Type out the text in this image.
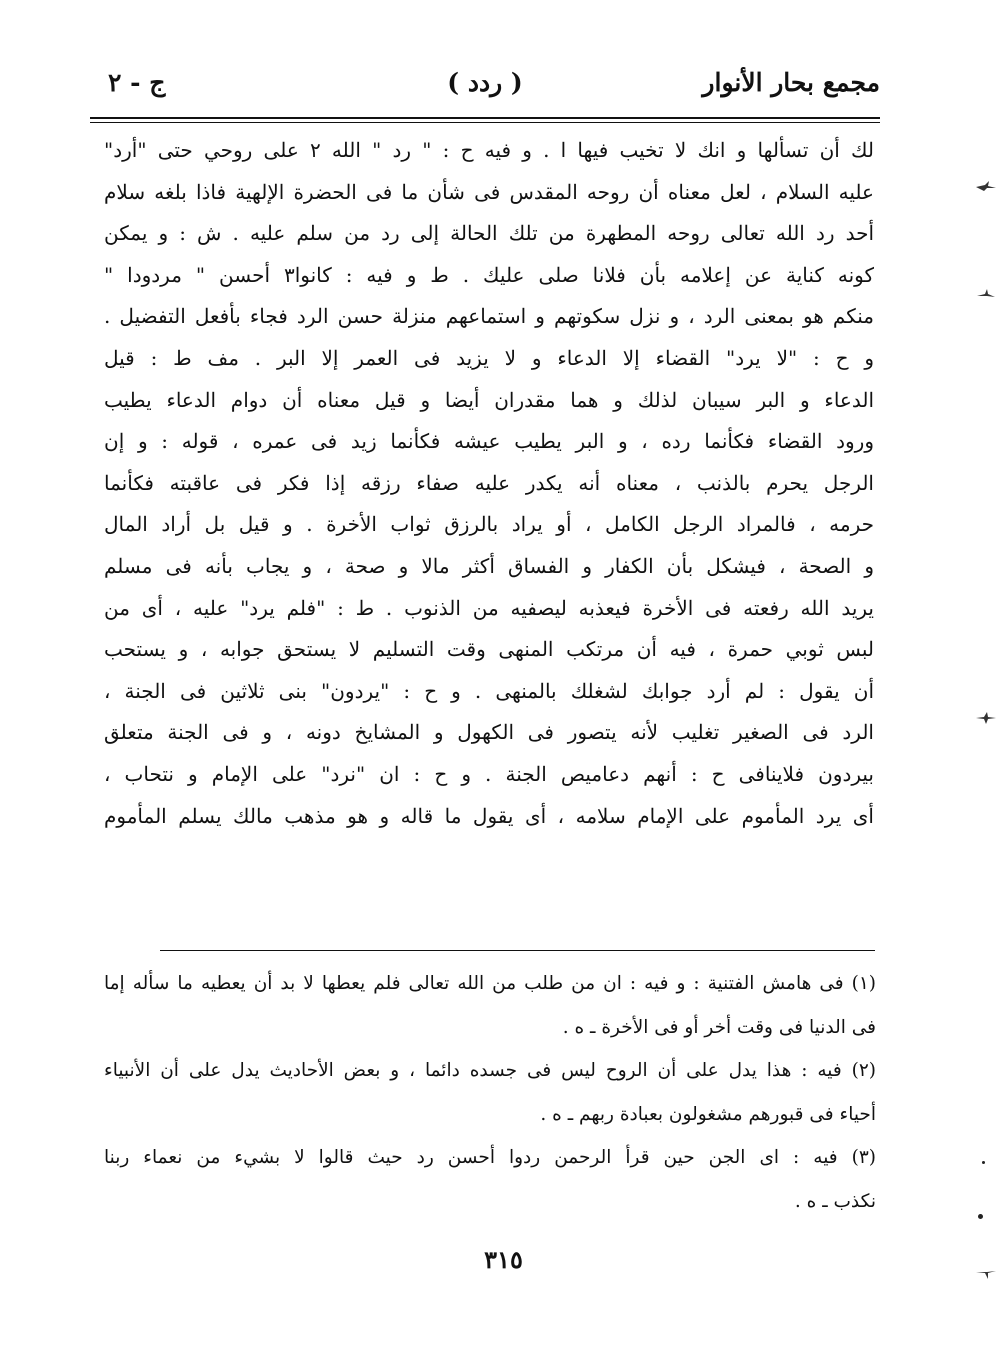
مجمع بحار الأنوار
( ردد )
ج - ٢
لك أن تسألها و انك لا تخيب فيها ا . و فيه ح : " رد " الله ٢ على روحي حتى "أرد"
عليه السلام ، لعل معناه أن روحه المقدس فى شأن ما فى الحضرة الإلهية فاذا بلغه سلام
أحد رد الله تعالى روحه المطهرة من تلك الحالة إلى رد من سلم عليه . ش : و يمكن
كونه كناية عن إعلامه بأن فلانا صلى عليك . ط و فيه : كانوا٣ أحسن " مردودا "
منكم هو بمعنى الرد ، و نزل سكوتهم و استماعهم منزلة حسن الرد فجاء بأفعل التفضيل .
و ح : "لا يرد" القضاء إلا الدعاء و لا يزيد فى العمر إلا البر . مف ط : قيل
الدعاء و البر سيبان لذلك و هما مقدران أيضا و قيل معناه أن دوام الدعاء يطيب
ورود القضاء فكأنما رده ، و البر يطيب عيشه فكأنما زيد فى عمره ، قوله : و إن
الرجل يحرم بالذنب ، معناه أنه يكدر عليه صفاء رزقه إذا فكر فى عاقبته فكأنما
حرمه ، فالمراد الرجل الكامل ، أو يراد بالرزق ثواب الأخرة . و قيل بل أراد المال
و الصحة ، فيشكل بأن الكفار و الفساق أكثر مالا و صحة ، و يجاب بأنه فى مسلم
يريد الله رفعته فى الأخرة فيعذبه ليصفيه من الذنوب . ط : "فلم يرد" عليه ، أى من
لبس ثوبي حمرة ، فيه أن مرتكب المنهى وقت التسليم لا يستحق جوابه ، و يستحب
أن يقول : لم أرد جوابك لشغلك بالمنهى . و ح : "يردون" بنى ثلاثين فى الجنة ،
الرد فى الصغير تغليب لأنه يتصور فى الكهول و المشايخ دونه ، و فى الجنة متعلق
بيردون فلاينافى ح : أنهم دعاميص الجنة . و ح : ان "نرد" على الإمام و نتحاب ،
أى يرد المأموم على الإمام سلامه ، أى يقول ما قاله و هو مذهب مالك يسلم المأموم
(١) فى هامش الفتنية : و فيه : ان من طلب من الله تعالى فلم يعطها لا بد أن يعطيه ما سأله إما
فى الدنيا فى وقت أخر أو فى الأخرة ـ ه .
(٢) فيه : هذا يدل على أن الروح ليس فى جسده دائما ، و بعض الأحاديث يدل على أن الأنبياء
أحياء فى قبورهم مشغولون بعبادة ربهم ـ ه .
(٣) فيه : اى الجن حين قرأ الرحمن ردوا أحسن رد حيث قالوا لا بشيء من نعماء ربنا
نكذب ـ ه .
٣١٥
